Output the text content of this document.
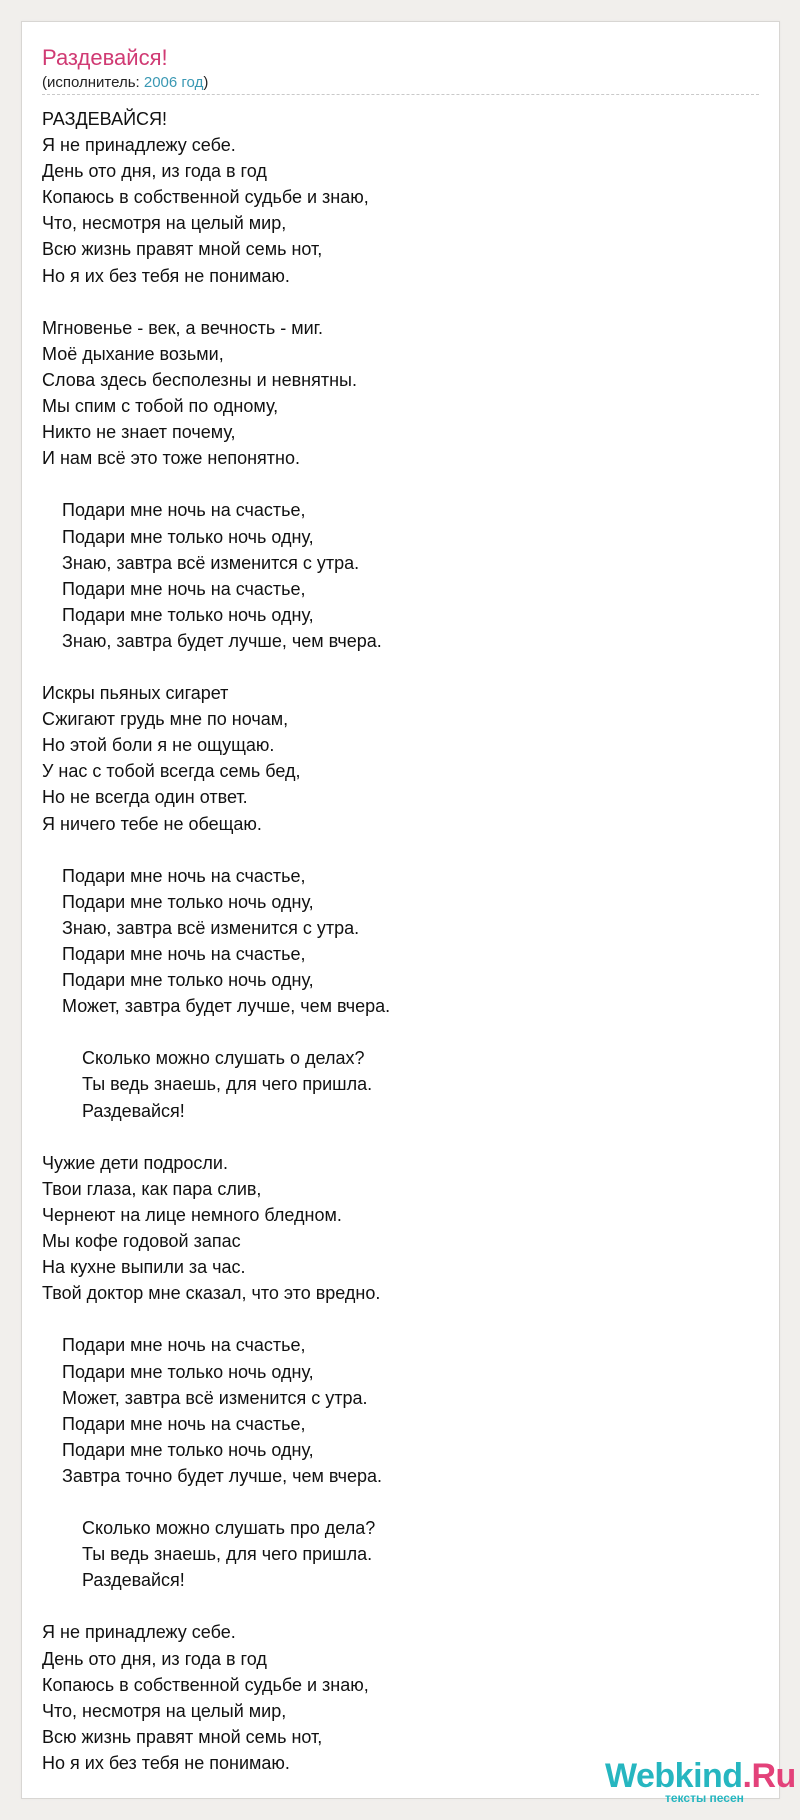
Раздевайся!
(исполнитель: 2006 год)
РАЗДЕВАЙСЯ!
Я не принадлежу себе.
День ото дня, из года в год
Копаюсь в собственной судьбе и знаю,
Что, несмотря на целый мир,
Всю жизнь правят мной семь нот,
Но я их без тебя не понимаю.
Мгновенье - век, а вечность - миг.
Моё дыхание возьми,
Слова здесь бесполезны и невнятны.
Мы спим с тобой по одному,
Никто не знает почему,
И нам всё это тоже непонятно.
Подари мне ночь на счастье,
Подари мне только ночь одну,
Знаю, завтра всё изменится с утра.
Подари мне ночь на счастье,
Подари мне только ночь одну,
Знаю, завтра будет лучше, чем вчера.
Искры пьяных сигарет
Сжигают грудь мне по ночам,
Но этой боли я не ощущаю.
У нас с тобой всегда семь бед,
Но не всегда один ответ.
Я ничего тебе не обещаю.
Подари мне ночь на счастье,
Подари мне только ночь одну,
Знаю, завтра всё изменится с утра.
Подари мне ночь на счастье,
Подари мне только ночь одну,
Может, завтра будет лучше, чем вчера.
Сколько можно слушать о делах?
Ты ведь знаешь, для чего пришла.
Раздевайся!
Чужие дети подросли.
Твои глаза, как пара слив,
Чернеют на лице немного бледном.
Мы кофе годовой запас
На кухне выпили за час.
Твой доктор мне сказал, что это вредно.
Подари мне ночь на счастье,
Подари мне только ночь одну,
Может, завтра всё изменится с утра.
Подари мне ночь на счастье,
Подари мне только ночь одну,
Завтра точно будет лучше, чем вчера.
Сколько можно слушать про дела?
Ты ведь знаешь, для чего пришла.
Раздевайся!
Я не принадлежу себе.
День ото дня, из года в год
Копаюсь в собственной судьбе и знаю,
Что, несмотря на целый мир,
Всю жизнь правят мной семь нот,
Но я их без тебя не понимаю.	Webkind.Ru
тексты песен
